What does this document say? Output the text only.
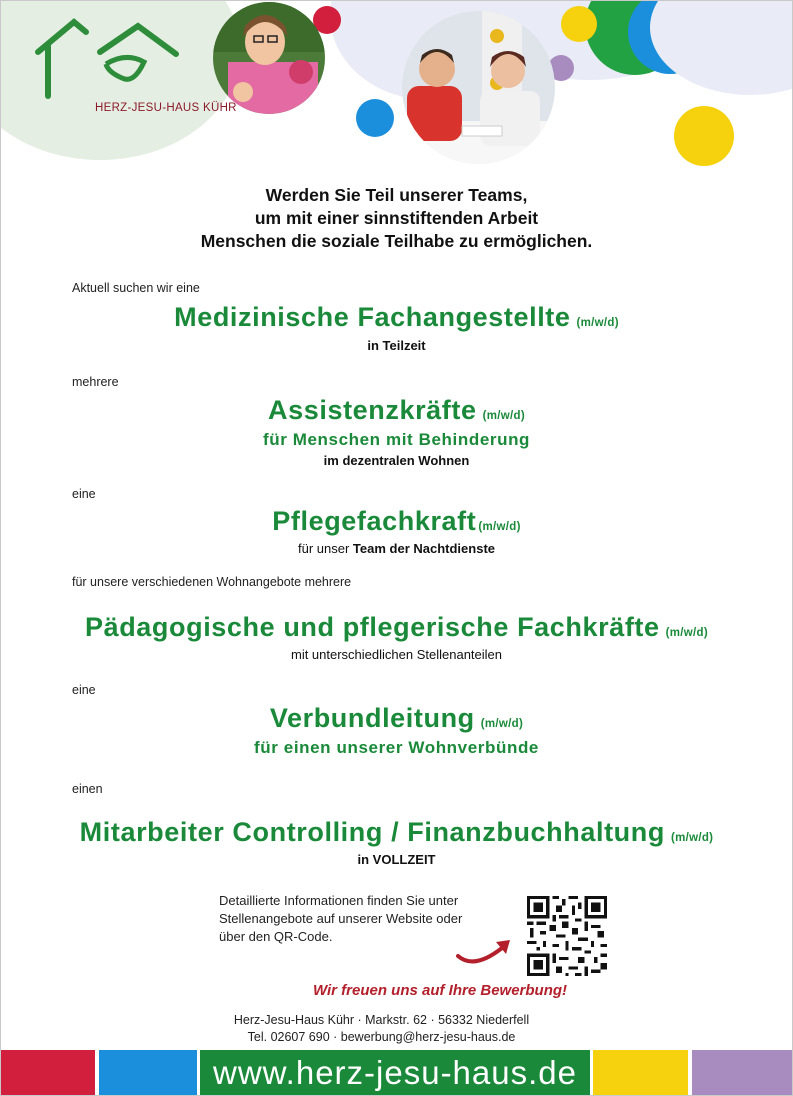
HERZ-JESU-HAUS KÜHR
Werden Sie Teil unserer Teams,
um mit einer sinnstiftenden Arbeit
Menschen die soziale Teilhabe zu ermöglichen.
Aktuell suchen wir eine
Medizinische Fachangestellte (m/w/d)
in Teilzeit
mehrere
Assistenzkräfte (m/w/d)
für Menschen mit Behinderung
im dezentralen Wohnen
eine
Pflegefachkraft (m/w/d)
für unser Team der Nachtdienste
für unsere verschiedenen Wohnangebote mehrere
Pädagogische und pflegerische Fachkräfte (m/w/d)
mit unterschiedlichen Stellenanteilen
eine
Verbundleitung (m/w/d)
für einen unserer Wohnverbünde
einen
Mitarbeiter Controlling / Finanzbuchhaltung (m/w/d)
in VOLLZEIT
Detaillierte Informationen finden Sie unter
Stellenangebote auf unserer Website oder
über den QR-Code.
Wir freuen uns auf Ihre Bewerbung!
Herz-Jesu-Haus Kühr · Markstr. 62 · 56332 Niederfell
Tel. 02607 690 · bewerbung@herz-jesu-haus.de
www.herz-jesu-haus.de
